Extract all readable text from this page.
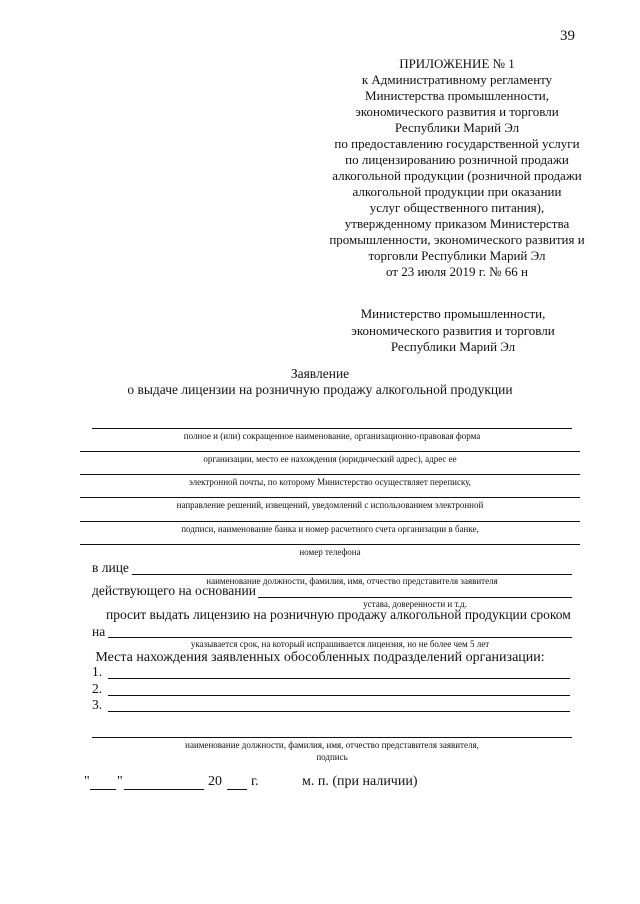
39
ПРИЛОЖЕНИЕ № 1
к Административному регламенту
Министерства промышленности,
экономического развития и торговли
Республики Марий Эл
по предоставлению государственной услуги
по лицензированию розничной продажи
алкогольной продукции (розничной продажи
алкогольной продукции при оказании
услуг общественного питания),
утвержденному приказом Министерства
промышленности, экономического развития и
торговли Республики Марий Эл
от 23 июля 2019 г. № 66 н
Министерство промышленности,
экономического развития и торговли
Республики Марий Эл
Заявление
о выдаче лицензии на розничную продажу алкогольной продукции
полное и (или) сокращенное наименование, организационно-правовая форма
организации, место ее нахождения (юридический адрес), адрес ее
электронной почты, по которому Министерство осуществляет переписку,
направление решений, извещений, уведомлений с использованием электронной
подписи, наименование банка и номер расчетного счета организации в банке,
номер телефона
в лице
наименование должности, фамилия, имя, отчество представителя заявителя
действующего на основании
устава, доверенности и т.д.
просит выдать лицензию на розничную продажу алкогольной продукции сроком
на
указывается срок, на который испрашивается лицензия, но не более чем 5 лет
Места нахождения заявленных обособленных подразделений организации:
1.
2.
3.
наименование должности, фамилия, имя, отчество представителя заявителя,
подпись
" "	20 г.	м. п. (при наличии)
